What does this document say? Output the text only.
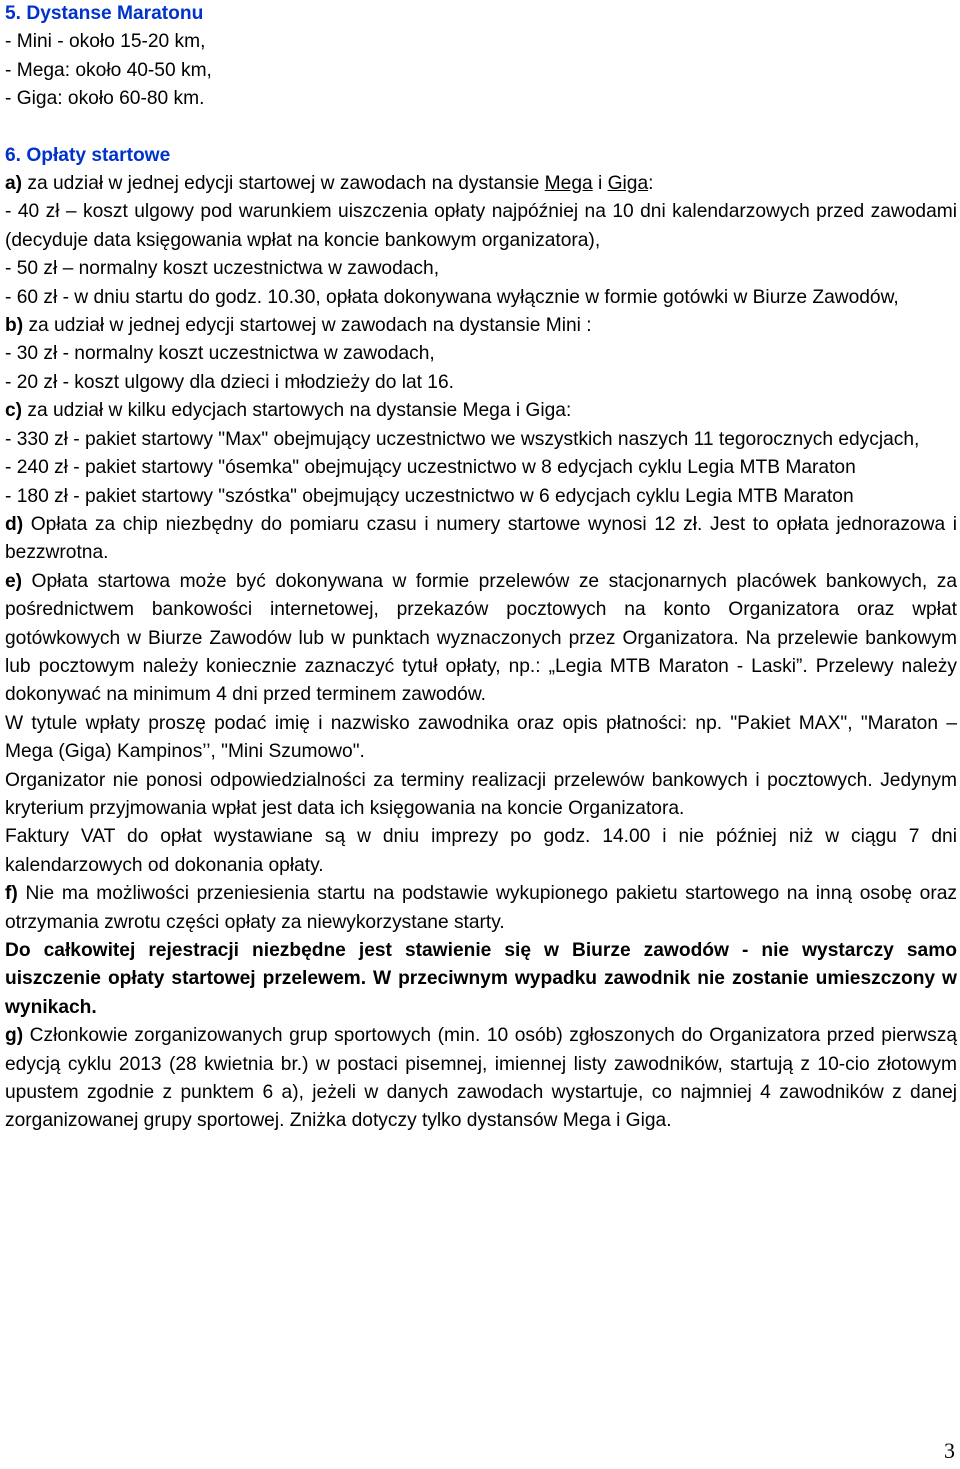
5. Dystanse Maratonu

- Mini - około 15-20 km,

- Mega: około 40-50 km,

- Giga: około 60-80 km.

6. Opłaty startowe

a) za udział w jednej edycji startowej w zawodach na dystansie Mega i Giga:

- 40 zł – koszt ulgowy pod warunkiem uiszczenia opłaty najpóźniej na 10 dni kalendarzowych przed zawodami (decyduje data księgowania wpłat na koncie bankowym organizatora),

- 50 zł – normalny koszt uczestnictwa w zawodach,

- 60 zł - w dniu startu do godz. 10.30, opłata dokonywana wyłącznie w formie gotówki w Biurze Zawodów,

b) za udział w jednej edycji startowej w zawodach na dystansie Mini :

- 30 zł - normalny koszt uczestnictwa w zawodach,

- 20 zł - koszt ulgowy dla dzieci i młodzieży do lat 16.

c) za udział w kilku edycjach startowych na dystansie Mega i Giga:

- 330 zł - pakiet startowy "Max" obejmujący uczestnictwo we wszystkich naszych 11 tegorocznych edycjach,

- 240 zł - pakiet startowy "ósemka" obejmujący uczestnictwo w 8 edycjach cyklu Legia MTB Maraton

- 180 zł - pakiet startowy "szóstka" obejmujący uczestnictwo w 6 edycjach cyklu Legia MTB Maraton

d) Opłata za chip niezbędny do pomiaru czasu i numery startowe wynosi 12 zł. Jest to opłata jednorazowa i bezzwrotna.

e) Opłata startowa może być dokonywana w formie przelewów ze stacjonarnych placówek bankowych, za pośrednictwem bankowości internetowej, przekazów pocztowych na konto Organizatora oraz wpłat gotówkowych w Biurze Zawodów lub w punktach wyznaczonych przez Organizatora. Na przelewie bankowym lub pocztowym należy koniecznie zaznaczyć tytuł opłaty, np.: „Legia MTB Maraton - Laski”. Przelewy należy dokonywać na minimum 4 dni przed terminem zawodów.

W tytule wpłaty proszę podać imię i nazwisko zawodnika oraz opis płatności: np. "Pakiet MAX", "Maraton –Mega (Giga) Kampinos’’, "Mini Szumowo".

Organizator nie ponosi odpowiedzialności za terminy realizacji przelewów bankowych i pocztowych. Jedynym kryterium przyjmowania wpłat jest data ich księgowania na koncie Organizatora.

Faktury VAT do opłat wystawiane są w dniu imprezy po godz. 14.00 i nie później niż w ciągu 7 dni kalendarzowych od dokonania opłaty.

f) Nie ma możliwości przeniesienia startu na podstawie wykupionego pakietu startowego na inną osobę oraz otrzymania zwrotu części opłaty za niewykorzystane starty.

Do całkowitej rejestracji niezbędne jest stawienie się w Biurze zawodów - nie wystarczy samo uiszczenie opłaty startowej przelewem. W przeciwnym wypadku zawodnik nie zostanie umieszczony w wynikach.

g) Członkowie zorganizowanych grup sportowych (min. 10 osób) zgłoszonych do Organizatora przed pierwszą edycją cyklu 2013 (28 kwietnia br.) w postaci pisemnej, imiennej listy zawodników, startują z 10-cio złotowym upustem zgodnie z punktem 6 a), jeżeli w danych zawodach wystartuje, co najmniej 4 zawodników z danej zorganizowanej grupy sportowej. Zniżka dotyczy tylko dystansów Mega i Giga.

3
